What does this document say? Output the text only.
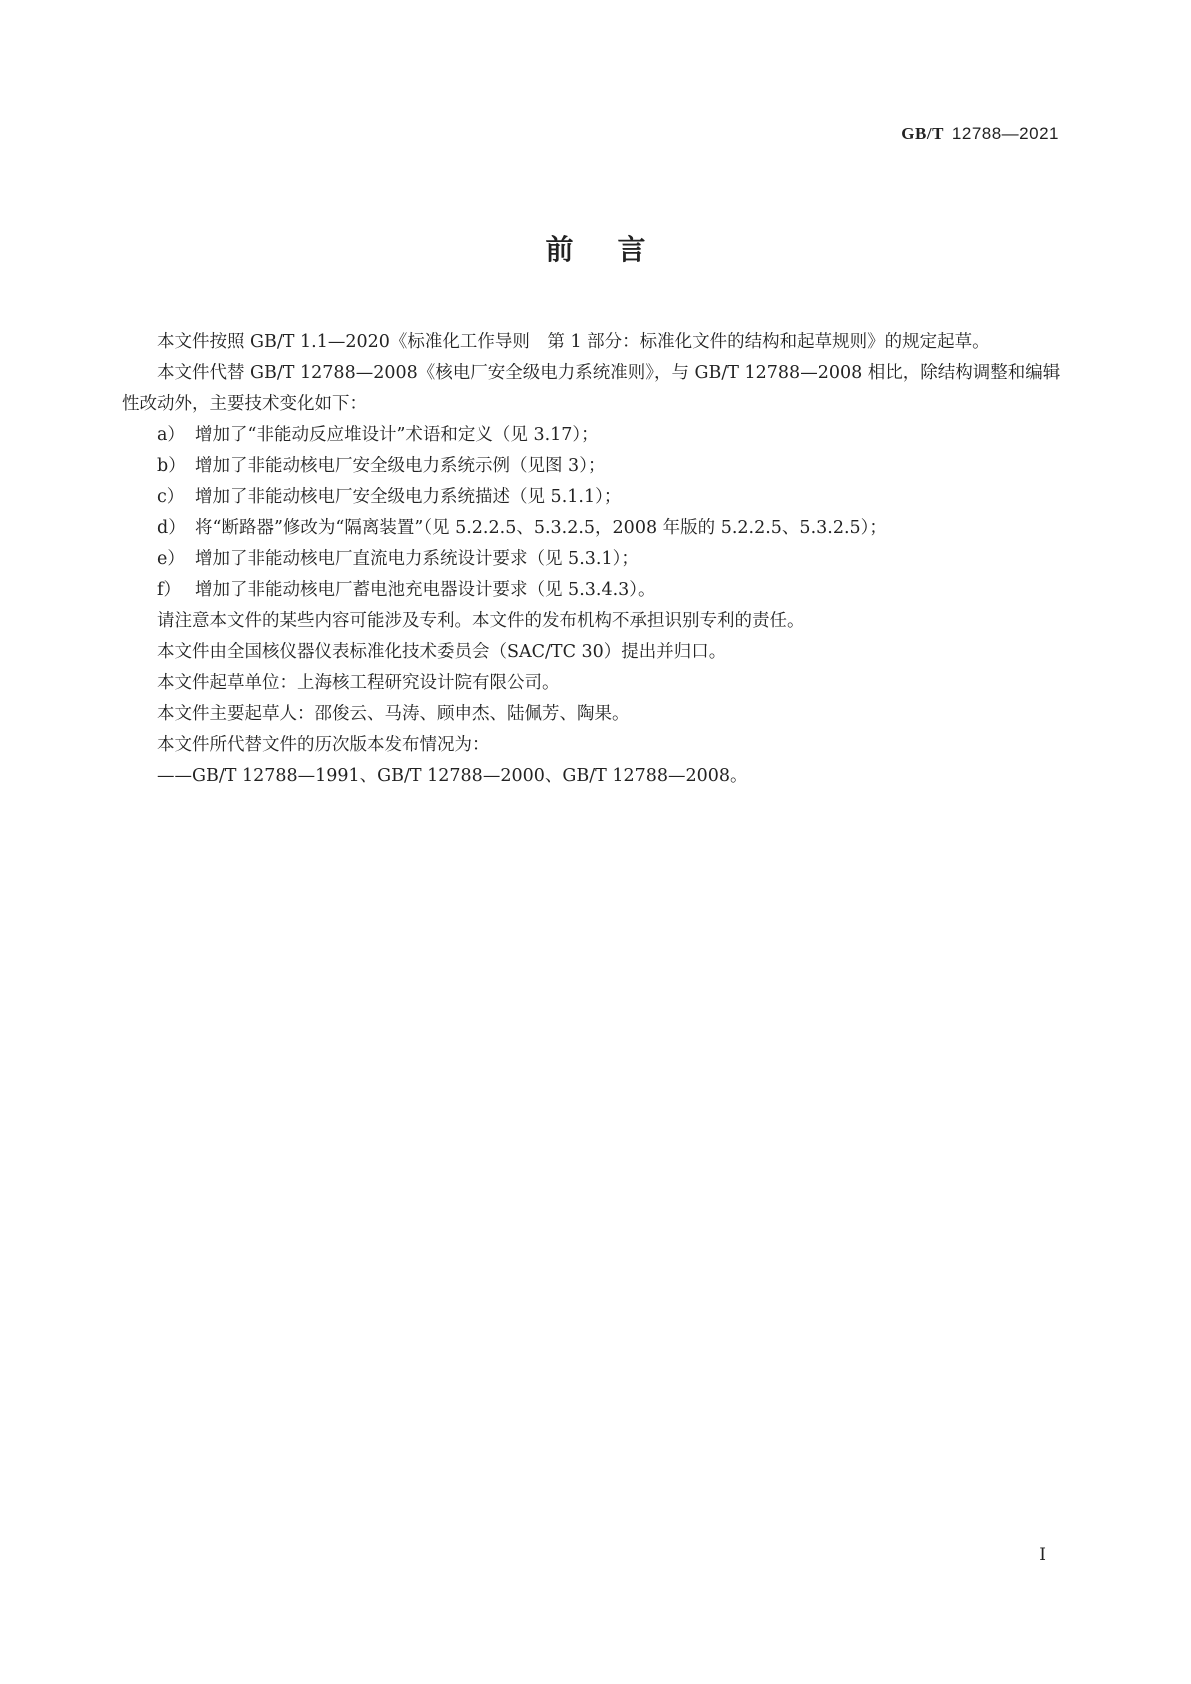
GB/T 12788—2021
前言

本文件按照 GB/T 1.1—2020《标准化工作导则　第 1 部分：标准化文件的结构和起草规则》的规定起草。

本文件代替 GB/T 12788—2008《核电厂安全级电力系统准则》，与 GB/T 12788—2008 相比，除结构调整和编辑性改动外，主要技术变化如下：

a） 增加了“非能动反应堆设计”术语和定义（见 3.17）；

b） 增加了非能动核电厂安全级电力系统示例（见图 3）；

c） 增加了非能动核电厂安全级电力系统描述（见 5.1.1）；

d） 将“断路器”修改为“隔离装置”（见 5.2.2.5、5.3.2.5，2008 年版的 5.2.2.5、5.3.2.5）；

e） 增加了非能动核电厂直流电力系统设计要求（见 5.3.1）；

f） 增加了非能动核电厂蓄电池充电器设计要求（见 5.3.4.3）。

请注意本文件的某些内容可能涉及专利。本文件的发布机构不承担识别专利的责任。

本文件由全国核仪器仪表标准化技术委员会（SAC/TC 30）提出并归口。

本文件起草单位：上海核工程研究设计院有限公司。

本文件主要起草人：邵俊云、马涛、顾申杰、陆佩芳、陶果。

本文件所代替文件的历次版本发布情况为：

——GB/T 12788—1991、GB/T 12788—2000、GB/T 12788—2008。

I
